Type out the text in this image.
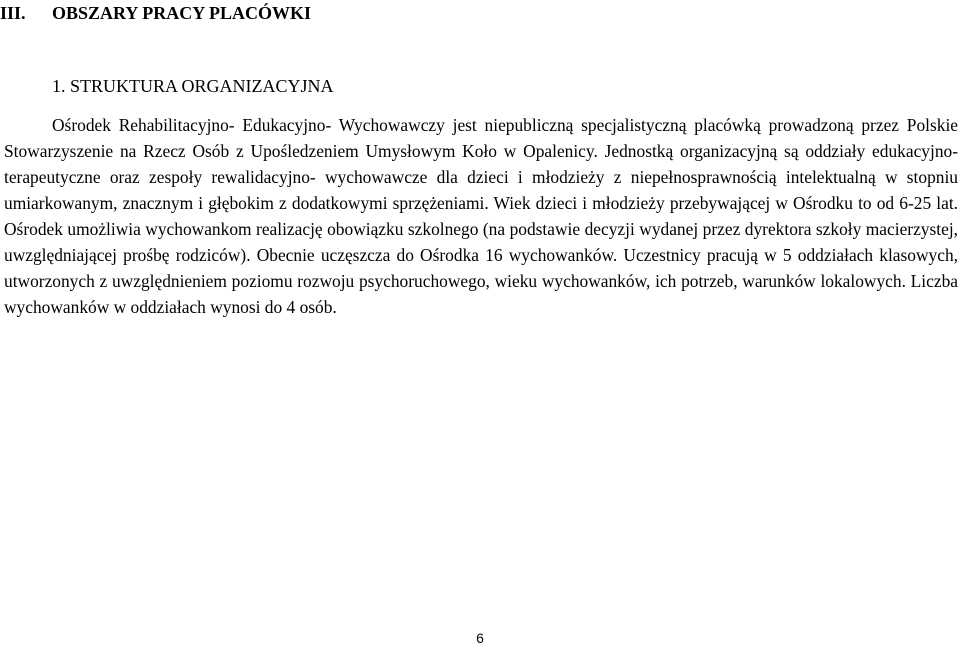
III. OBSZARY PRACY PLACÓWKI
1. STRUKTURA ORGANIZACYJNA

Ośrodek Rehabilitacyjno- Edukacyjno- Wychowawczy jest niepubliczną specjalistyczną placówką prowadzoną przez Polskie Stowarzyszenie na Rzecz Osób z Upośledzeniem Umysłowym Koło w Opalenicy. Jednostką organizacyjną są oddziały edukacyjno- terapeutyczne oraz zespoły rewalidacyjno- wychowawcze dla dzieci i młodzieży z niepełnosprawnością intelektualną w stopniu umiarkowanym, znacznym i głębokim z dodatkowymi sprzężeniami. Wiek dzieci i młodzieży przebywającej w Ośrodku to od 6-25 lat. Ośrodek umożliwia wychowankom realizację obowiązku szkolnego (na podstawie decyzji wydanej przez dyrektora szkoły macierzystej, uwzględniającej prośbę rodziców). Obecnie uczęszcza do Ośrodka 16 wychowanków. Uczestnicy pracują w 5 oddziałach klasowych, utworzonych z uwzględnieniem poziomu rozwoju psychoruchowego, wieku wychowanków, ich potrzeb, warunków lokalowych. Liczba wychowanków w oddziałach wynosi do 4 osób.

6
